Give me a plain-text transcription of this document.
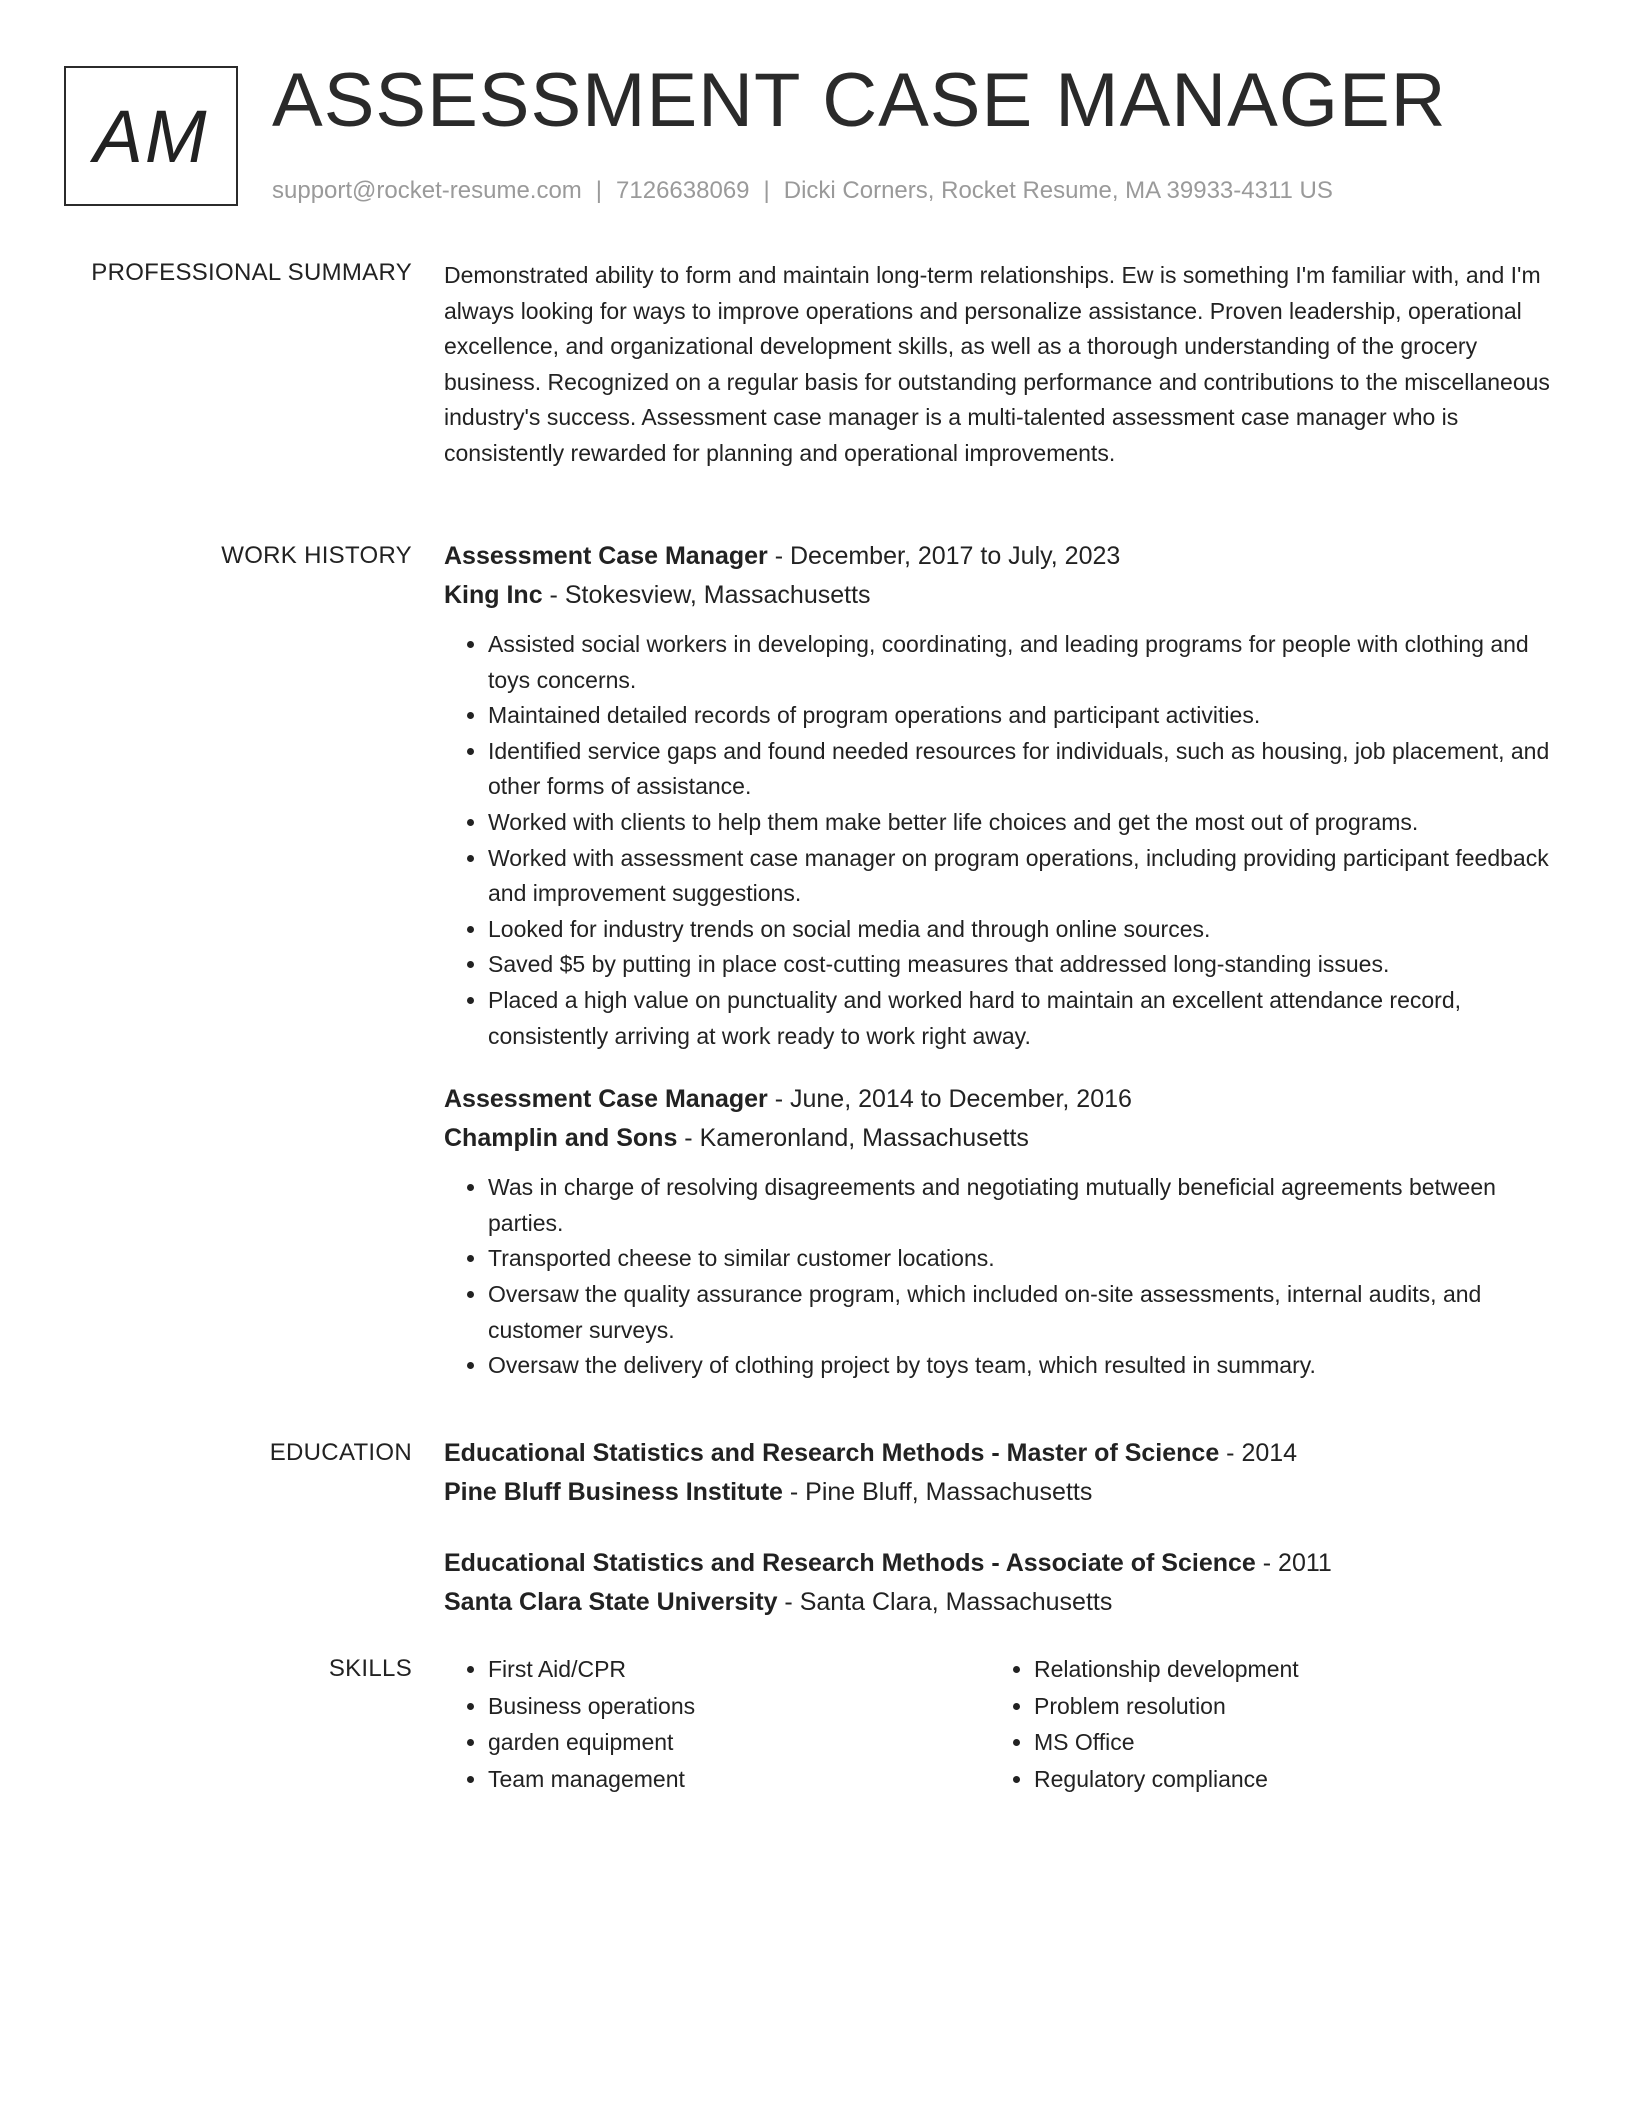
AM ASSESSMENT CASE MANAGER
support@rocket-resume.com | 7126638069 | Dicki Corners, Rocket Resume, MA 39933-4311 US
PROFESSIONAL SUMMARY Demonstrated ability to form and maintain long-term relationships. Ew is something I'm familiar with, and I'm always looking for ways to improve operations and personalize assistance. Proven leadership, operational excellence, and organizational development skills, as well as a thorough understanding of the grocery business. Recognized on a regular basis for outstanding performance and contributions to the miscellaneous industry's success. Assessment case manager is a multi-talented assessment case manager who is consistently rewarded for planning and operational improvements.

WORK HISTORY Assessment Case Manager - December, 2017 to July, 2023
King Inc - Stokesview, Massachusetts
• Assisted social workers in developing, coordinating, and leading programs for people with clothing and toys concerns.
• Maintained detailed records of program operations and participant activities.
• Identified service gaps and found needed resources for individuals, such as housing, job placement, and other forms of assistance.
• Worked with clients to help them make better life choices and get the most out of programs.
• Worked with assessment case manager on program operations, including providing participant feedback and improvement suggestions.
• Looked for industry trends on social media and through online sources.
• Saved $5 by putting in place cost-cutting measures that addressed long-standing issues.
• Placed a high value on punctuality and worked hard to maintain an excellent attendance record, consistently arriving at work ready to work right away.
Assessment Case Manager - June, 2014 to December, 2016
Champlin and Sons - Kameronland, Massachusetts
• Was in charge of resolving disagreements and negotiating mutually beneficial agreements between parties.
• Transported cheese to similar customer locations.
• Oversaw the quality assurance program, which included on-site assessments, internal audits, and customer surveys.
• Oversaw the delivery of clothing project by toys team, which resulted in summary.
EDUCATION Educational Statistics and Research Methods - Master of Science - 2014
Pine Bluff Business Institute - Pine Bluff, Massachusetts
Educational Statistics and Research Methods - Associate of Science - 2011
Santa Clara State University - Santa Clara, Massachusetts
SKILLS
•	First Aid/CPR
• Business operations
• garden equipment
• Team management
• Relationship development
• Problem resolution
• MS Office
• Regulatory compliance
